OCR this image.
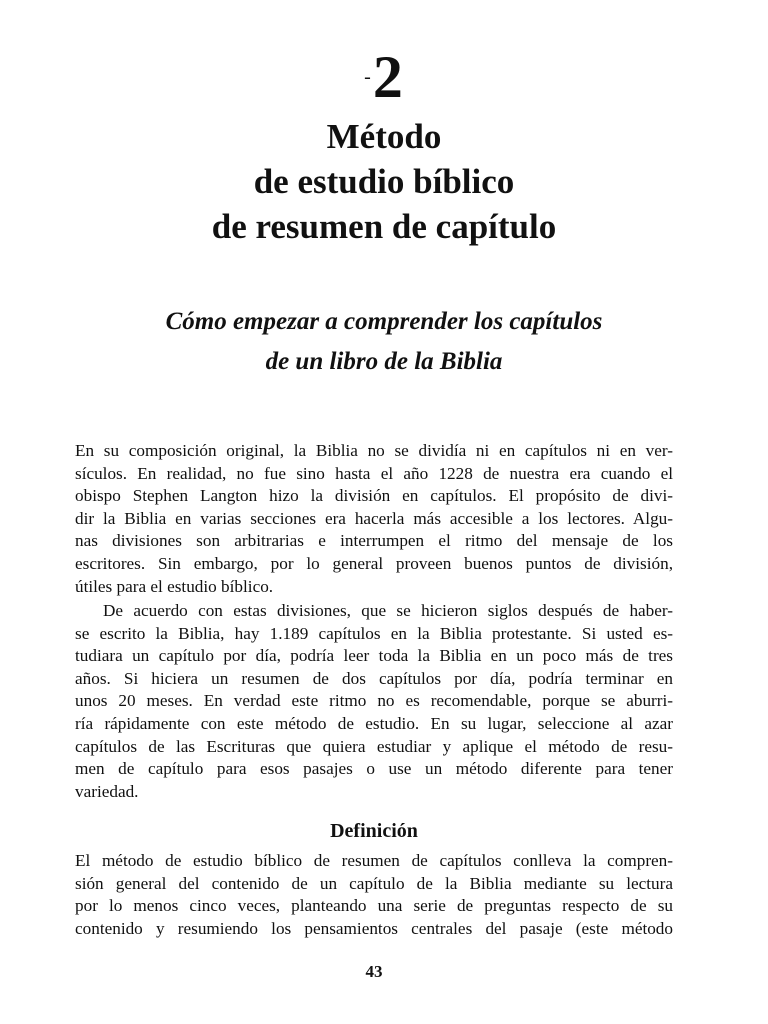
-2
Método
de estudio bíblico
de resumen de capítulo
Cómo empezar a comprender los capítulos
de un libro de la Biblia
En su composición original, la Biblia no se dividía ni en capítulos ni en ver-
sículos. En realidad, no fue sino hasta el año 1228 de nuestra era cuando el
obispo Stephen Langton hizo la división en capítulos. El propósito de divi-
dir la Biblia en varias secciones era hacerla más accesible a los lectores. Algu-
nas divisiones son arbitrarias e interrumpen el ritmo del mensaje de los
escritores. Sin embargo, por lo general proveen buenos puntos de división,
útiles para el estudio bíblico.
De acuerdo con estas divisiones, que se hicieron siglos después de haber-
se escrito la Biblia, hay 1.189 capítulos en la Biblia protestante. Si usted es-
tudiara un capítulo por día, podría leer toda la Biblia en un poco más de tres
años. Si hiciera un resumen de dos capítulos por día, podría terminar en
unos 20 meses. En verdad este ritmo no es recomendable, porque se aburri-
ría rápidamente con este método de estudio. En su lugar, seleccione al azar
capítulos de las Escrituras que quiera estudiar y aplique el método de resu-
men de capítulo para esos pasajes o use un método diferente para tener
variedad.
Definición
El método de estudio bíblico de resumen de capítulos conlleva la compren-
sión general del contenido de un capítulo de la Biblia mediante su lectura
por lo menos cinco veces, planteando una serie de preguntas respecto de su
contenido y resumiendo los pensamientos centrales del pasaje (este método
43
